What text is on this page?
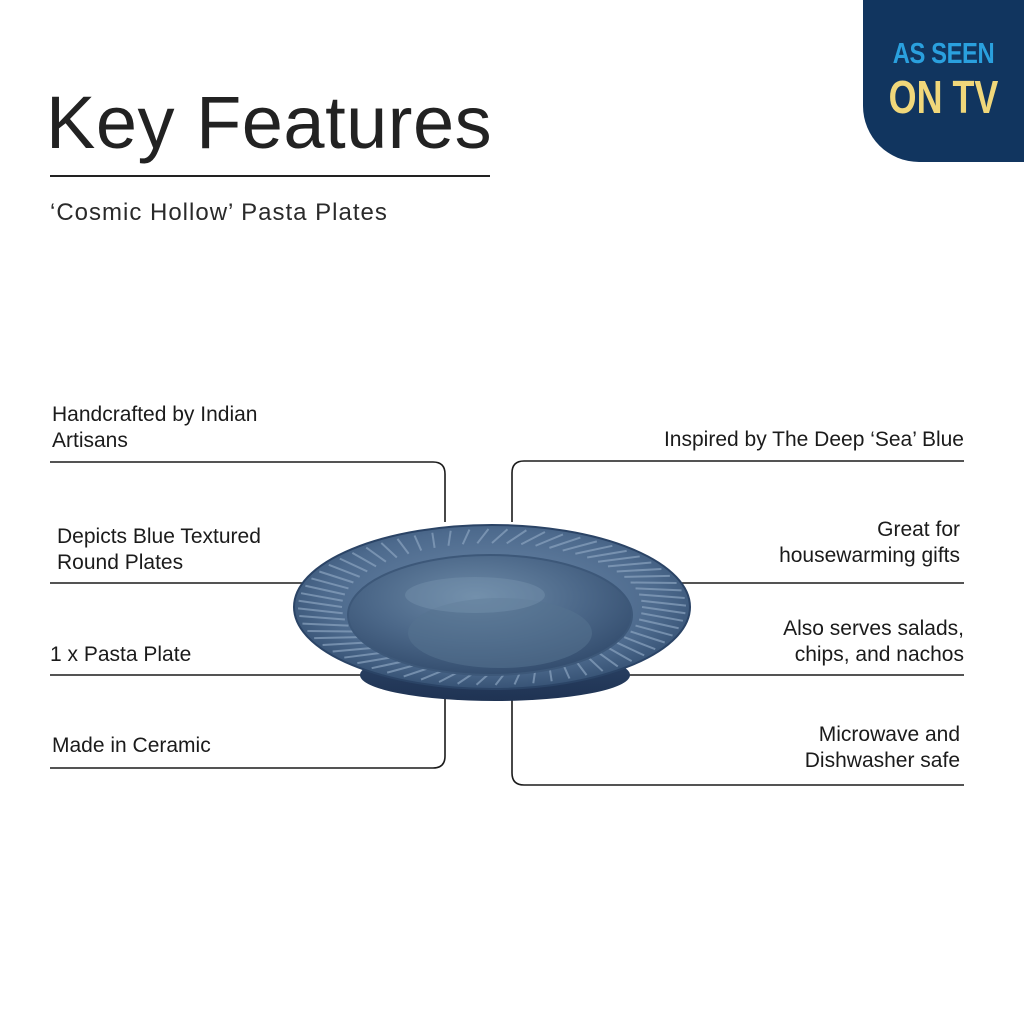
Key Features
‘Cosmic Hollow’ Pasta Plates
AS SEEN
ON TV
Handcrafted by Indian
Artisans
Depicts Blue Textured
Round Plates
1 x Pasta Plate
Made in Ceramic
Inspired by The Deep ‘Sea’ Blue
Great for
housewarming gifts
Also serves salads,
chips, and nachos
Microwave and
Dishwasher safe
